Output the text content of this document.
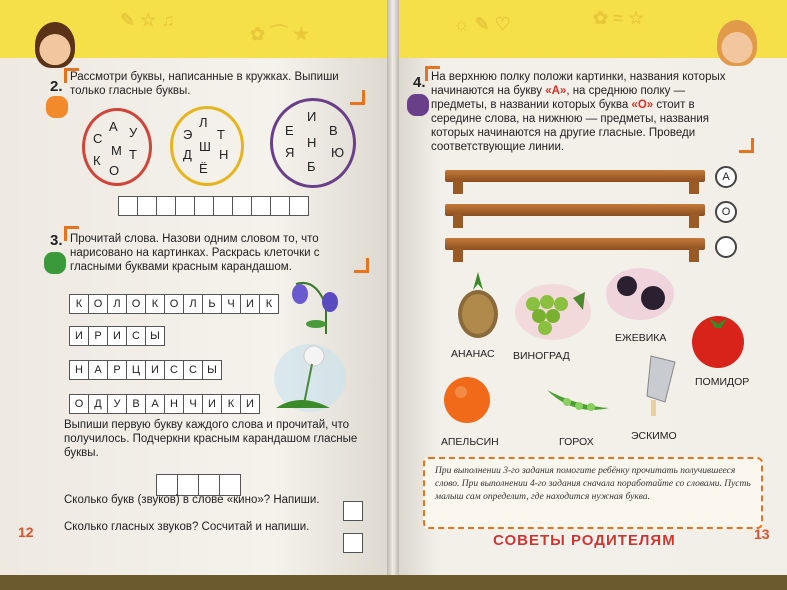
✎ ☆ ♫
✿ ⌒ ★
2.
Рассмотри буквы, написанные в кружках. Выпиши только гласные буквы.
А
С У
М
К
О
Т
Л
Э Т
Д
Ё
Н
Ш
И
Е	В
Я
Н
Ю
Б
3. Прочитай слова. Назови одним словом то, что нарисовано на картинках. Раскрась клеточки с гласными буквами красным карандашом.
К	О	Л	О	К	О	Л	Ь	Ч	И	К
И	Р	И	С Ы
Н	А	Р	Ц И	С	С Ы
О Д	У	В	А	Н	Ч	И	К	И
Выпиши первую букву каждого слова и прочитай, что получилось. Подчеркни красным карандашом гласные буквы.
Сколько букв (звуков) в слове «кино»? Напиши.
Сколько гласных звуков? Сосчитай и напиши.
12
☼ ✎ ♡	✿ ≈ ☆
4. На верхнюю полку положи картинки, названия которых начинаются на букву «А», на среднюю полку — предметы, в названии которых буква «О» стоит в середине слова, на нижнюю — предметы, названия которых начинаются на другие гласные. Проведи соответствующие линии.
А
О
АНАНАС ВИНОГРАД
ЕЖЕВИКА
ПОМИДОР
АПЕЛЬСИН	ГОРОХ	ЭСКИМО
При выполнении 3-го задания помогите ребёнку прочитать получившееся слово. При выполнении 4-го задания сначала поработайте со словами. Пусть малыш сам определит, где находится нужная буква.
СОВЕТЫ РОДИТЕЛЯМ	13
